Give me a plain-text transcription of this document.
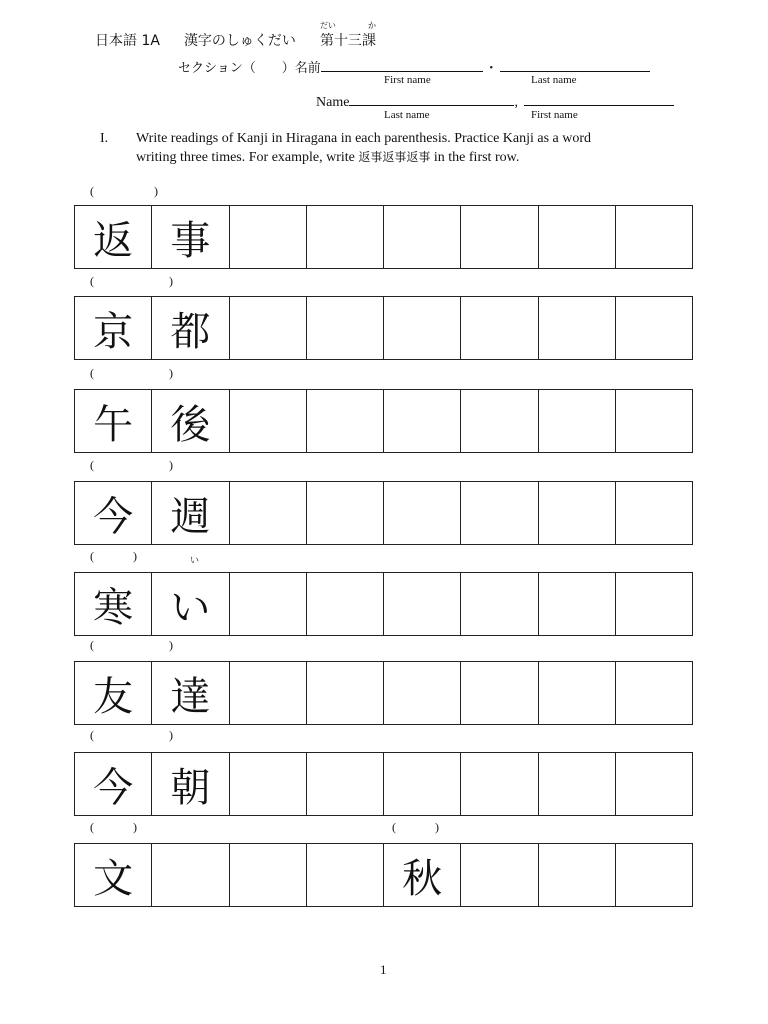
日本語 1A 漢字のしゅくだい
だい
第十三
か
課
セクション（　　）名前	・
First name	Last name
Name	,
Last name	First name
I. Write readings of Kanji in Hiragana in each parenthesis. Practice Kanji as a word
writing three times. For example, write 返事返事返事 in the first row.
(                    )
返 事
(                         )
京 都
(                         )
午 後
(                         )
今 週
(             )	い
寒 い
(                         )
友 達
(                         )
今 朝
(             )	(             )
文	秋
1
